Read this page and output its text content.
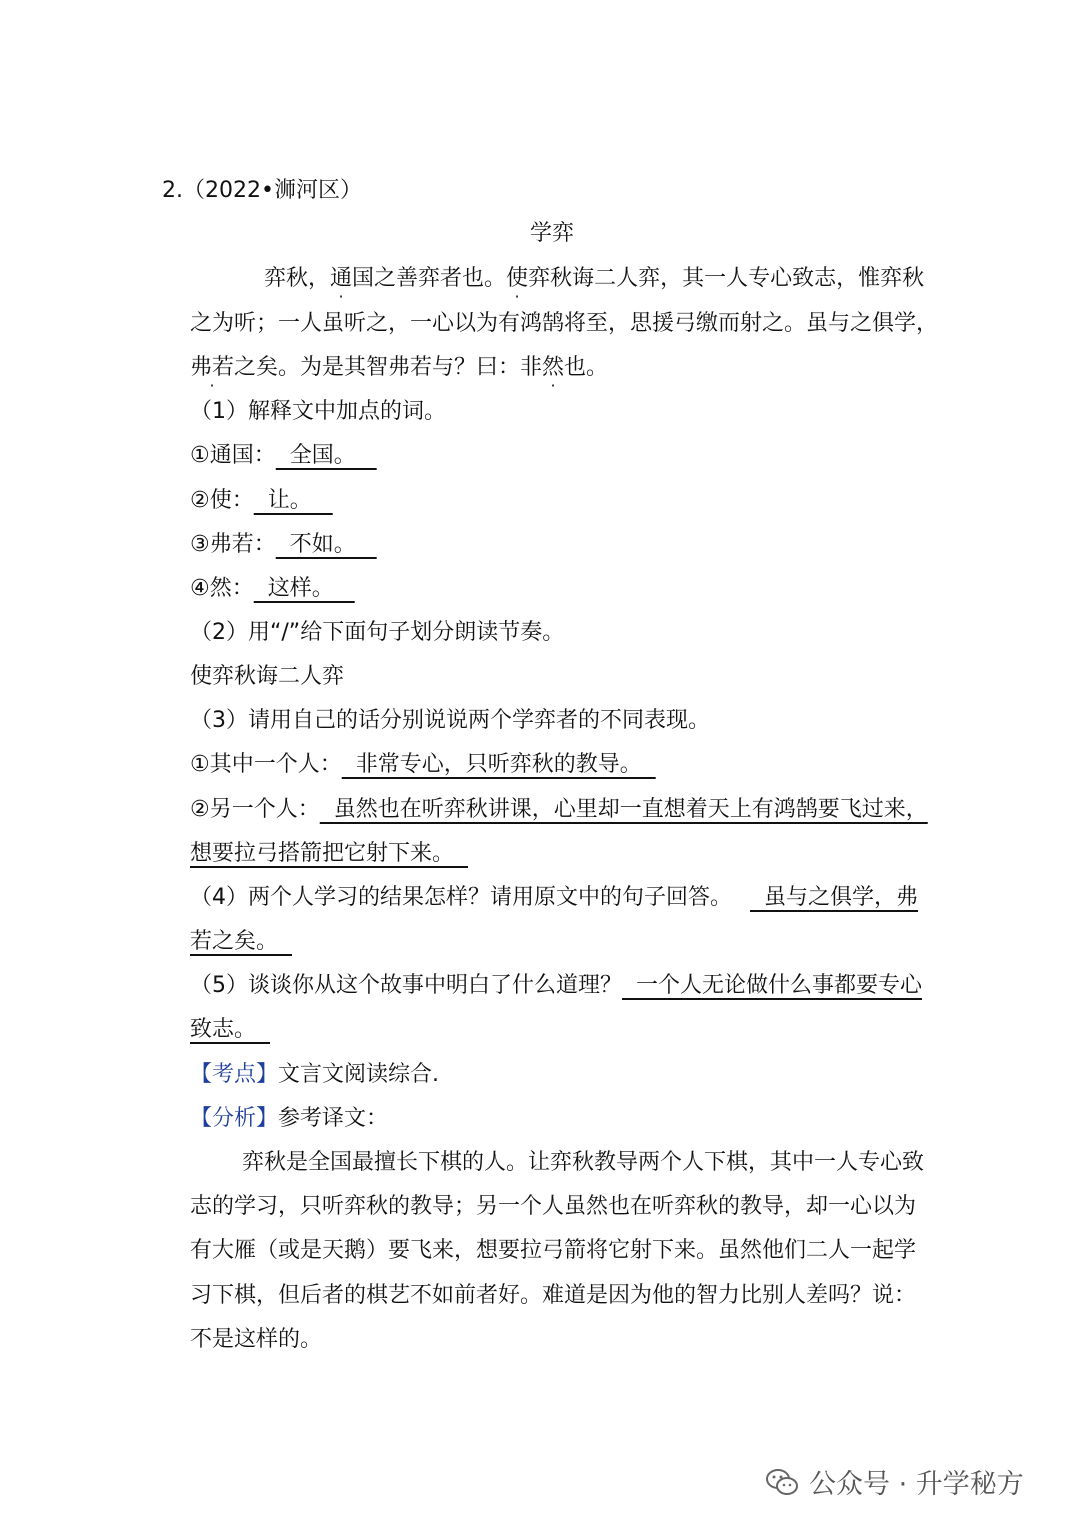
2.（2022•浉河区）
学弈
弈秋，通国之善弈者也。使弈秋诲二人弈，其一人专心致志，惟弈秋
之为听；一人虽听之，一心以为有鸿鹄将至，思援弓缴而射之。虽与之俱学，
弗若之矣。为是其智弗若与？曰：非然也。
（1）解释文中加点的词。
①通国：  全国。
②使：  让。
③弗若：  不如。
④然：  这样。
（2）用“/”给下面句子划分朗读节奏。
使弈秋诲二人弈
（3）请用自己的话分别说说两个学弈者的不同表现。
①其中一个人：  非常专心，只听弈秋的教导。
②另一个人：  虽然也在听弈秋讲课，心里却一直想着天上有鸿鹄要飞过来，
想要拉弓搭箭把它射下来。
（4）两个人学习的结果怎样？请用原文中的句子回答。  虽与之俱学，弗
若之矣。
（5）谈谈你从这个故事中明白了什么道理？  一个人无论做什么事都要专心
致志。
【考点】文言文阅读综合.
【分析】参考译文：
弈秋是全国最擅长下棋的人。让弈秋教导两个人下棋，其中一人专心致
志的学习，只听弈秋的教导；另一个人虽然也在听弈秋的教导，却一心以为
有大雁（或是天鹅）要飞来，想要拉弓箭将它射下来。虽然他们二人一起学
习下棋，但后者的棋艺不如前者好。难道是因为他的智力比别人差吗？说：
不是这样的。
公众号 · 升学秘方
